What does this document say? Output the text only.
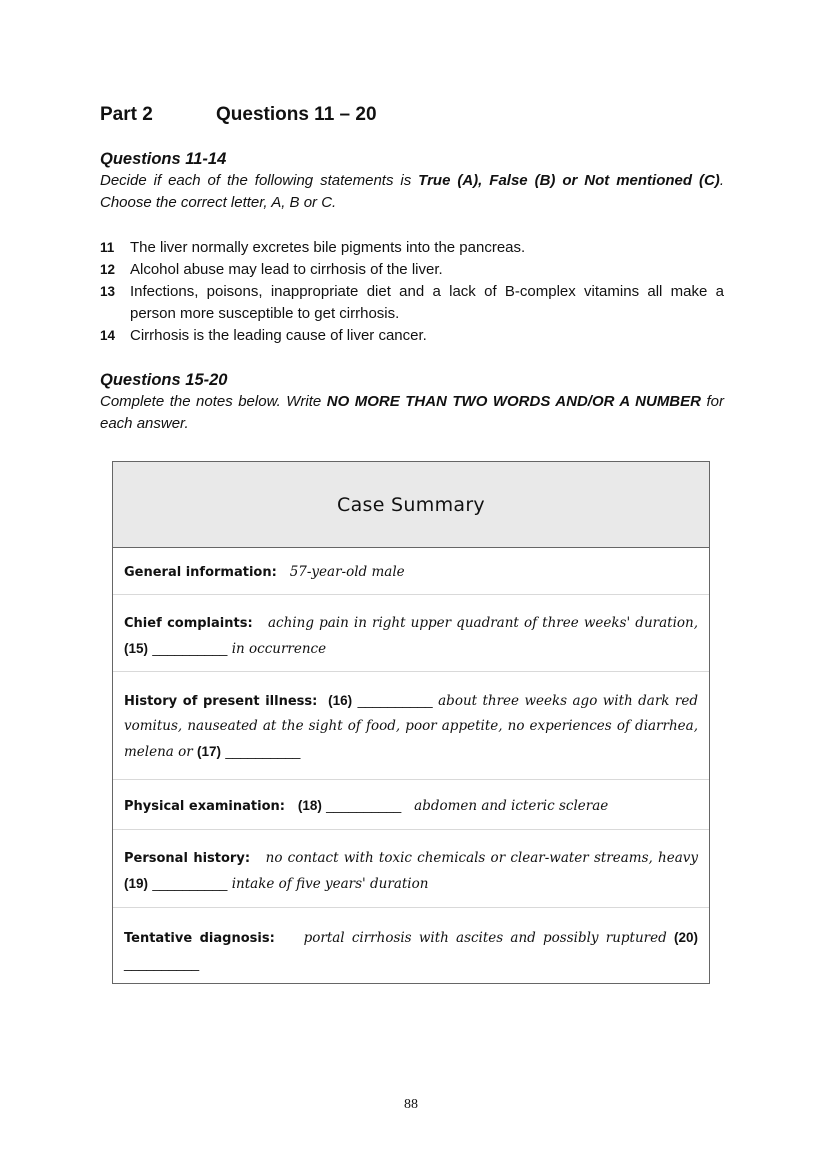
Part 2	Questions 11 – 20
Questions 11-14
Decide if each of the following statements is True (A), False (B) or Not mentioned (C). Choose the correct letter, A, B or C.
11	The liver normally excretes bile pigments into the pancreas.
12 Alcohol abuse may lead to cirrhosis of the liver.
13 Infections, poisons, inappropriate diet and a lack of B-complex vitamins all make a person more susceptible to get cirrhosis.
14 Cirrhosis is the leading cause of liver cancer.
Questions 15-20
Complete the notes below. Write NO MORE THAN TWO WORDS AND/OR A NUMBER for each answer.
Case Summary
General information: 57-year-old male
Chief complaints: aching pain in right upper quadrant of three weeks' duration, (15) __________ in occurrence
History of present illness: (16) __________ about three weeks ago with dark red vomitus, nauseated at the sight of food, poor appetite, no experiences of diarrhea, melena or (17) __________
Physical examination: (18) __________ abdomen and icteric sclerae
Personal history: no contact with toxic chemicals or clear-water streams, heavy (19) __________ intake of five years' duration
Tentative diagnosis: portal cirrhosis with ascites and possibly ruptured (20) __________
88
